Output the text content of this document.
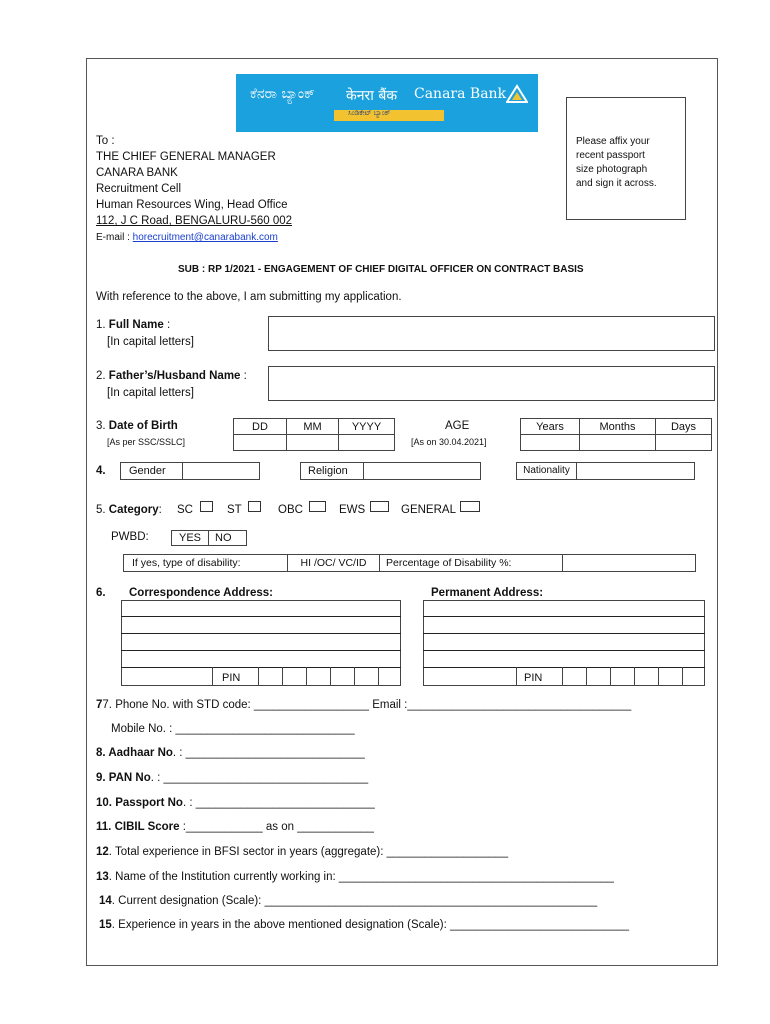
ಕೆನರಾ ಬ್ಯಾಂಕ್ केनरा बैंक Canara Bank
ಸಿಂಡಿಕೇಟ್ ಬ್ಯಾಂಕ್
Please affix your
recent passport
size photograph
and sign it across.
To :
THE CHIEF GENERAL MANAGER
CANARA BANK
Recruitment Cell
Human Resources Wing, Head Office
112, J C Road, BENGALURU-560 002
E-mail : horecruitment@canarabank.com
SUB : RP 1/2021 - ENGAGEMENT OF CHIEF DIGITAL OFFICER ON CONTRACT BASIS
With reference to the above, I am submitting my application.
1. Full Name :
[In capital letters]
2. Father’s/Husband Name :
[In capital letters]
3. Date of Birth
[As per SSC/SSLC]
DD	MM	YYYY	AGE
[As on 30.04.2021]
Years	Months	Days
4.	Gender	Religion	Nationality
5. Category: SC	ST	OBC	EWS	GENERAL
PWBD:	YES	NO
If yes, type of disability:	HI /OC/ VC/ID	Percentage of Disability %:
6. Correspondence Address:	Permanent Address:
PIN	PIN
77. Phone No. with STD code: __________________ Email :___________________________________
Mobile No. : ____________________________
8. Aadhaar No. : ____________________________
9. PAN No. : ________________________________
10. Passport No. : ____________________________
11. CIBIL Score :____________ as on ____________
12. Total experience in BFSI sector in years (aggregate): ___________________
13. Name of the Institution currently working in: ___________________________________________
14. Current designation (Scale): ____________________________________________________
15. Experience in years in the above mentioned designation (Scale): ____________________________
